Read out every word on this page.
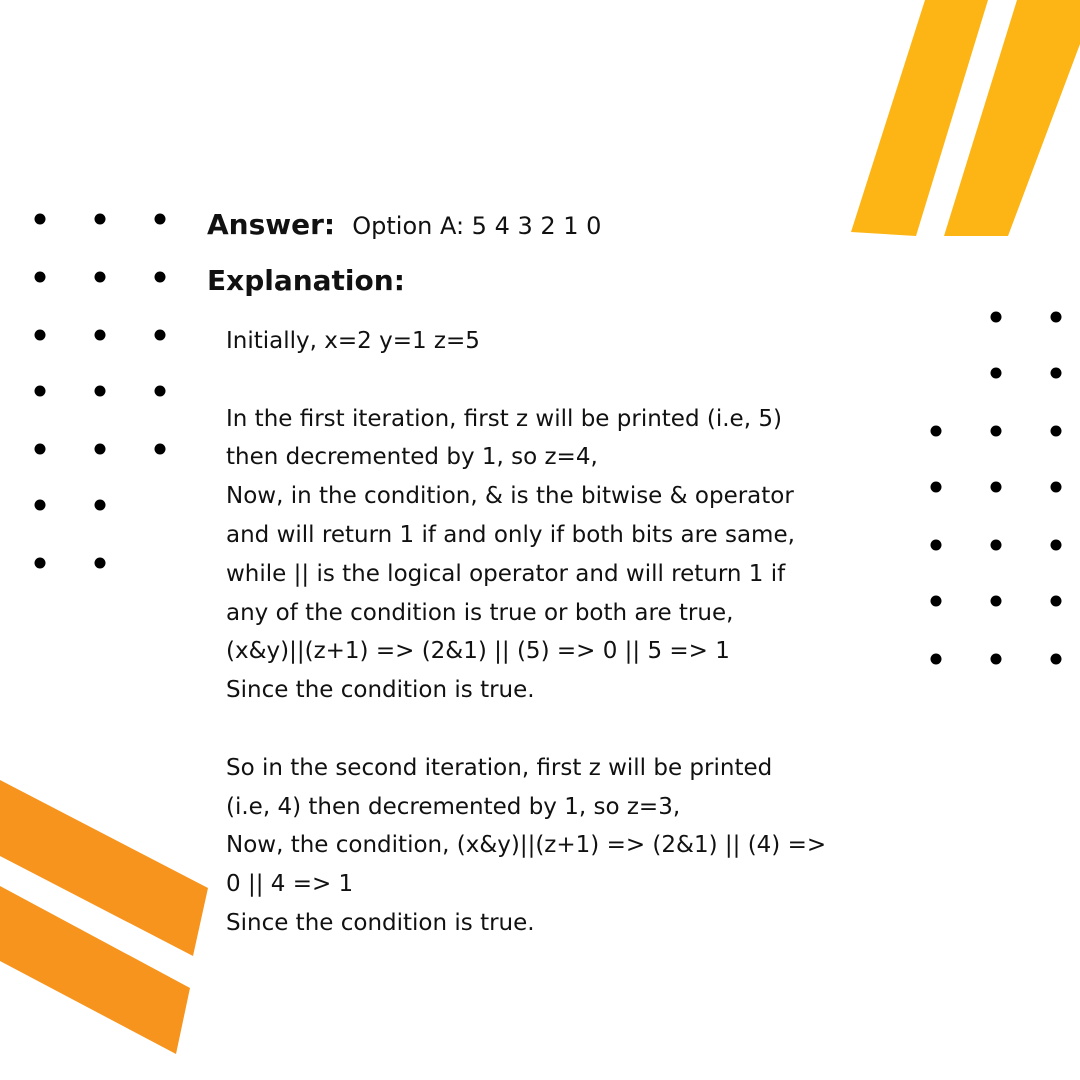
Answer: Option A: 5 4 3 2 1 0
Explanation:
Initially, x=2 y=1 z=5
In the first iteration, first z will be printed (i.e, 5)
then decremented by 1, so z=4,
Now, in the condition, & is the bitwise & operator
and will return 1 if and only if both bits are same,
while || is the logical operator and will return 1 if
any of the condition is true or both are true,
(x&y)||(z+1) => (2&1) || (5) => 0 || 5 => 1
Since the condition is true.
So in the second iteration, first z will be printed
(i.e, 4) then decremented by 1, so z=3,
Now, the condition, (x&y)||(z+1) => (2&1) || (4) =>
0 || 4 => 1
Since the condition is true.
